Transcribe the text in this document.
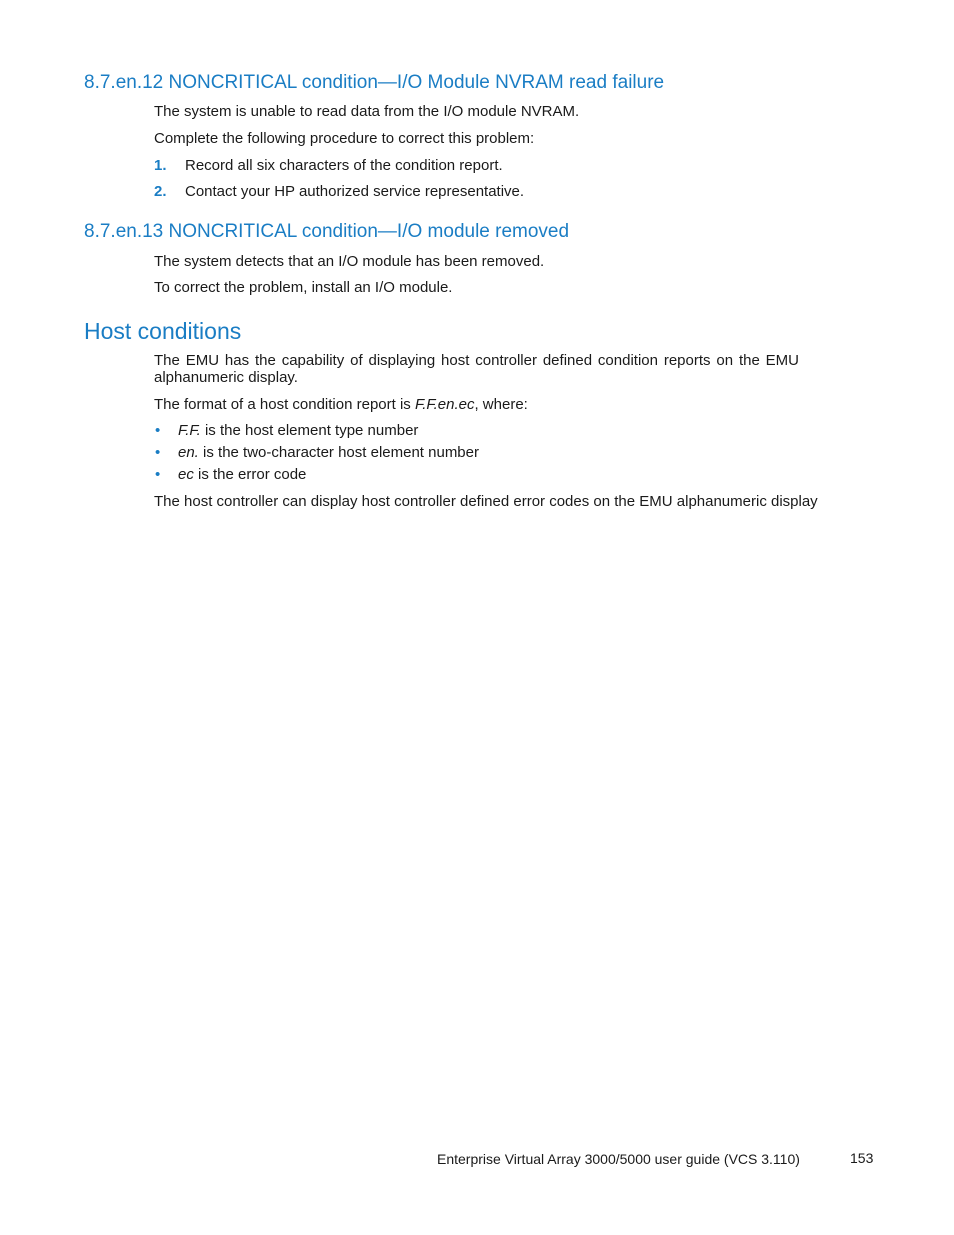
8.7.en.12 NONCRITICAL condition—I/O Module NVRAM read failure

The system is unable to read data from the I/O module NVRAM.

Complete the following procedure to correct this problem:

1. Record all six characters of the condition report.
2. Contact your HP authorized service representative.
8.7.en.13 NONCRITICAL condition—I/O module removed

The system detects that an I/O module has been removed.

To correct the problem, install an I/O module.

Host conditions

The EMU has the capability of displaying host controller defined condition reports on the EMU alphanumeric display.

The format of a host condition report is F.F.en.ec, where:

• F.F. is the host element type number
• en. is the two-character host element number
• ec is the error code

The host controller can display host controller defined error codes on the EMU alphanumeric display

Enterprise Virtual Array 3000/5000 user guide (VCS 3.110)	153
